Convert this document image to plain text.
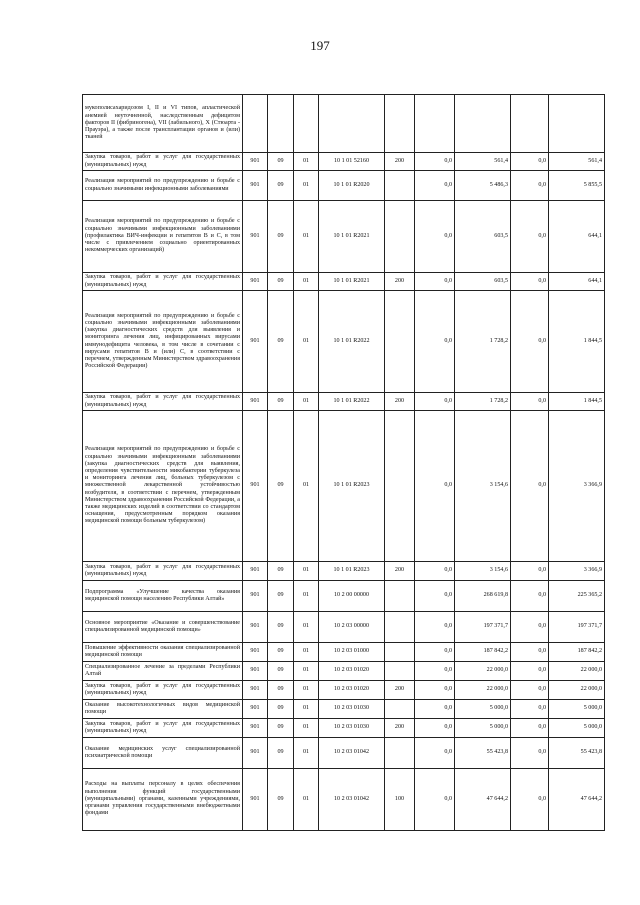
197
мукополисахаридозом I, II и VI типов, апластической анемией неуточненной, наследственным дефицитом факторов II (фибриногена), VII (лабильного), X (Стюарта - Прауэра), а также после трансплантации органов и (или) тканей									
Закупка товаров, работ и услуг для государственных (муниципальных) нужд	901	09	01	10 1 01 52160	200	0,0	561,4	0,0	561,4
Реализация мероприятий по предупреждению и борьбе с социально значимыми инфекционными заболеваниями	901	09	01	10 1 01 R2020		0,0	5 486,3	0,0	5 855,5
Реализация мероприятий по предупреждению и борьбе с социально значимыми инфекционными заболеваниями (профилактика ВИЧ-инфекции и гепатитов В и С, в том числе с привлечением социально ориентированных некоммерческих организаций)	901	09	01	10 1 01 R2021		0,0	603,5	0,0	644,1
Закупка товаров, работ и услуг для государственных (муниципальных) нужд	901	09	01	10 1 01 R2021	200	0,0	603,5	0,0	644,1
Реализация мероприятий по предупреждению и борьбе с социально значимыми инфекционными заболеваниями (закупка диагностических средств для выявления и мониторинга лечения лиц, инфицированных вирусами иммунодефицита человека, в том числе в сочетании с вирусами гепатитов В и (или) С, в соответствии с перечнем, утвержденным Министерством здравоохранения Российской Федерации)	901	09	01	10 1 01 R2022		0,0	1 728,2	0,0	1 844,5
Закупка товаров, работ и услуг для государственных (муниципальных) нужд	901	09	01	10 1 01 R2022	200	0,0	1 728,2	0,0	1 844,5
Реализация мероприятий по предупреждению и борьбе с социально значимыми инфекционными заболеваниями (закупка диагностических средств для выявления, определения чувствительности микобактерии туберкулеза и мониторинга лечения лиц, больных туберкулезом с множественной лекарственной устойчивостью возбудителя, в соответствии с перечнем, утвержденным Министерством здравоохранения Российской Федерации, а также медицинских изделий в соответствии со стандартом оснащения, предусмотренным порядком оказания медицинской помощи больным туберкулезом)	901	09	01	10 1 01 R2023		0,0	3 154,6	0,0	3 366,9
Закупка товаров, работ и услуг для государственных (муниципальных) нужд	901	09	01	10 1 01 R2023	200	0,0	3 154,6	0,0	3 366,9
Подпрограмма «Улучшение качества оказания медицинской помощи населению Республики Алтай»	901	09	01	10 2 00 00000		0,0	268 619,8	0,0	225 365,2
Основное мероприятие «Оказание и совершенствование специализированной медицинской помощи»	901	09	01	10 2 03 00000		0,0	197 371,7	0,0	197 371,7
Повышение эффективности оказания специализированной медицинской помощи	901	09	01	10 2 03 01000		0,0	187 842,2	0,0	187 842,2
Специализированное лечение за пределами Республики Алтай	901	09	01	10 2 03 01020		0,0	22 000,0	0,0	22 000,0
Закупка товаров, работ и услуг для государственных (муниципальных) нужд	901	09	01	10 2 03 01020	200	0,0	22 000,0	0,0	22 000,0
Оказание высокотехнологичных видов медицинской помощи	901	09	01	10 2 03 01030		0,0	5 000,0	0,0	5 000,0
Закупка товаров, работ и услуг для государственных (муниципальных) нужд	901	09	01	10 2 03 01030	200	0,0	5 000,0	0,0	5 000,0
Оказание медицинских услуг специализированной психиатрической помощи	901	09	01	10 2 03 01042		0,0	55 423,8	0,0	55 423,8
Расходы на выплаты персоналу в целях обеспечения выполнения функций государственными (муниципальными) органами, казенными учреждениями, органами управления государственными внебюджетными фондами	901	09	01	10 2 03 01042	100	0,0	47 644,2	0,0	47 644,2
